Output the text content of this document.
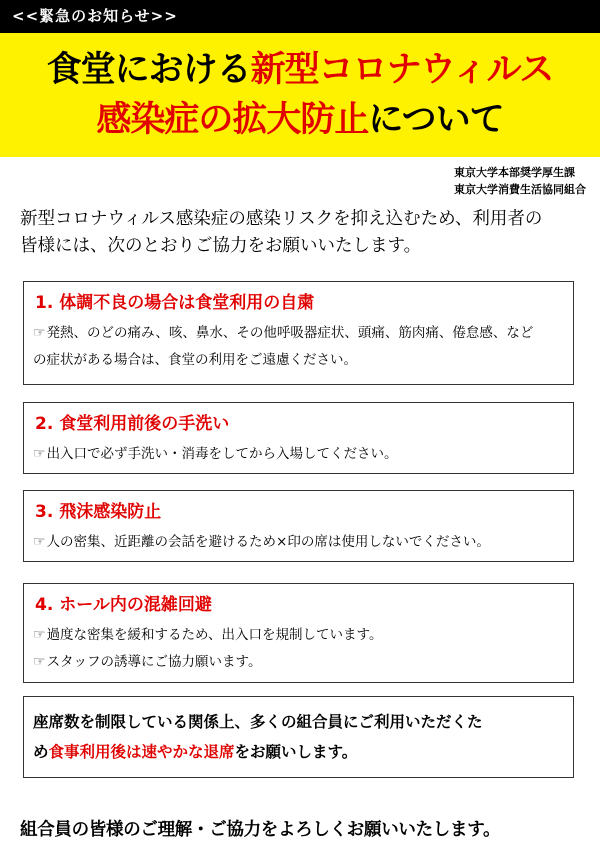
<<緊急のお知らせ>>
食堂における新型コロナウィルス
感染症の拡大防止について
東京大学本部奨学厚生課
東京大学消費生活協同組合
新型コロナウィルス感染症の感染リスクを抑え込むため、利用者の
皆様には、次のとおりご協力をお願いいたします。
1. 体調不良の場合は食堂利用の自粛
☞発熱、のどの痛み、咳、鼻水、その他呼吸器症状、頭痛、筋肉痛、倦怠感、など
の症状がある場合は、食堂の利用をご遠慮ください。
2. 食堂利用前後の手洗い
☞出入口で必ず手洗い・消毒をしてから入場してください。
3. 飛沫感染防止
☞人の密集、近距離の会話を避けるため×印の席は使用しないでください。
4. ホール内の混雑回避
☞過度な密集を緩和するため、出入口を規制しています。
☞スタッフの誘導にご協力願います。
座席数を制限している関係上、多くの組合員にご利用いただくた
め食事利用後は速やかな退席をお願いします。
組合員の皆様のご理解・ご協力をよろしくお願いいたします。
